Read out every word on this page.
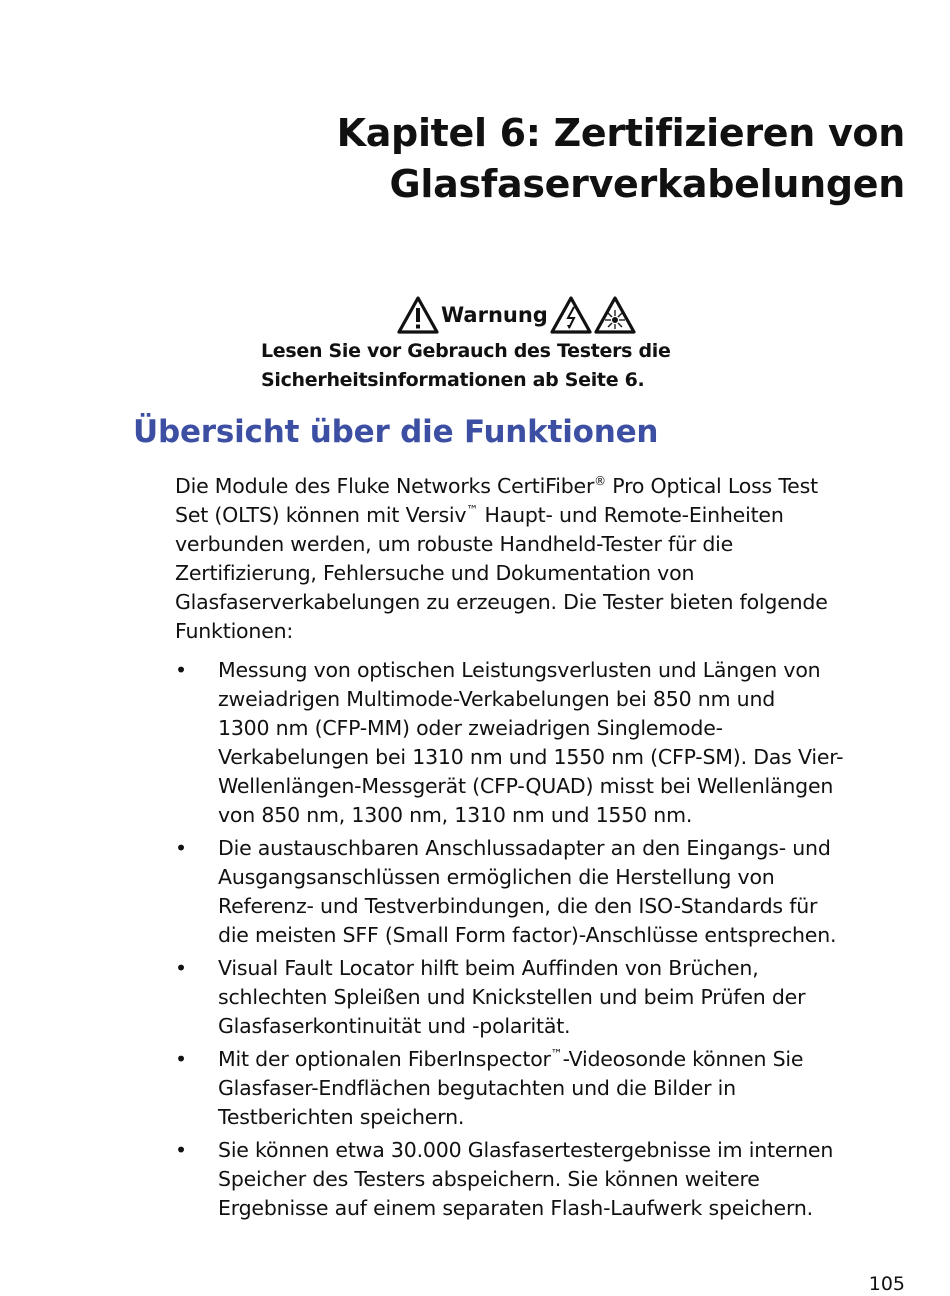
Kapitel 6: Zertifizieren von
Glasfaserverkabelungen
Warnung

Lesen Sie vor Gebrauch des Testers die
Sicherheitsinformationen ab Seite 6.

Übersicht über die Funktionen

Die Module des Fluke Networks CertiFiber® Pro Optical Loss Test
Set (OLTS) können mit Versiv™ Haupt- und Remote-Einheiten
verbunden werden, um robuste Handheld-Tester für die
Zertifizierung, Fehlersuche und Dokumentation von
Glasfaserverkabelungen zu erzeugen. Die Tester bieten folgende
Funktionen:

• Messung von optischen Leistungsverlusten und Längen von
zweiadrigen Multimode-Verkabelungen bei 850 nm und
1300 nm (CFP-MM) oder zweiadrigen Singlemode-
Verkabelungen bei 1310 nm und 1550 nm (CFP-SM). Das Vier-
Wellenlängen-Messgerät (CFP-QUAD) misst bei Wellenlängen
von 850 nm, 1300 nm, 1310 nm und 1550 nm.
• Die austauschbaren Anschlussadapter an den Eingangs- und
Ausgangsanschlüssen ermöglichen die Herstellung von
Referenz- und Testverbindungen, die den ISO-Standards für
die meisten SFF (Small Form factor)-Anschlüsse entsprechen.
• Visual Fault Locator hilft beim Auffinden von Brüchen,
schlechten Spleißen und Knickstellen und beim Prüfen der
Glasfaserkontinuität und -polarität.
• Mit der optionalen FiberInspector™-Videosonde können Sie
Glasfaser-Endflächen begutachten und die Bilder in
Testberichten speichern.
• Sie können etwa 30.000 Glasfasertestergebnisse im internen
Speicher des Testers abspeichern. Sie können weitere
Ergebnisse auf einem separaten Flash-Laufwerk speichern.

105
